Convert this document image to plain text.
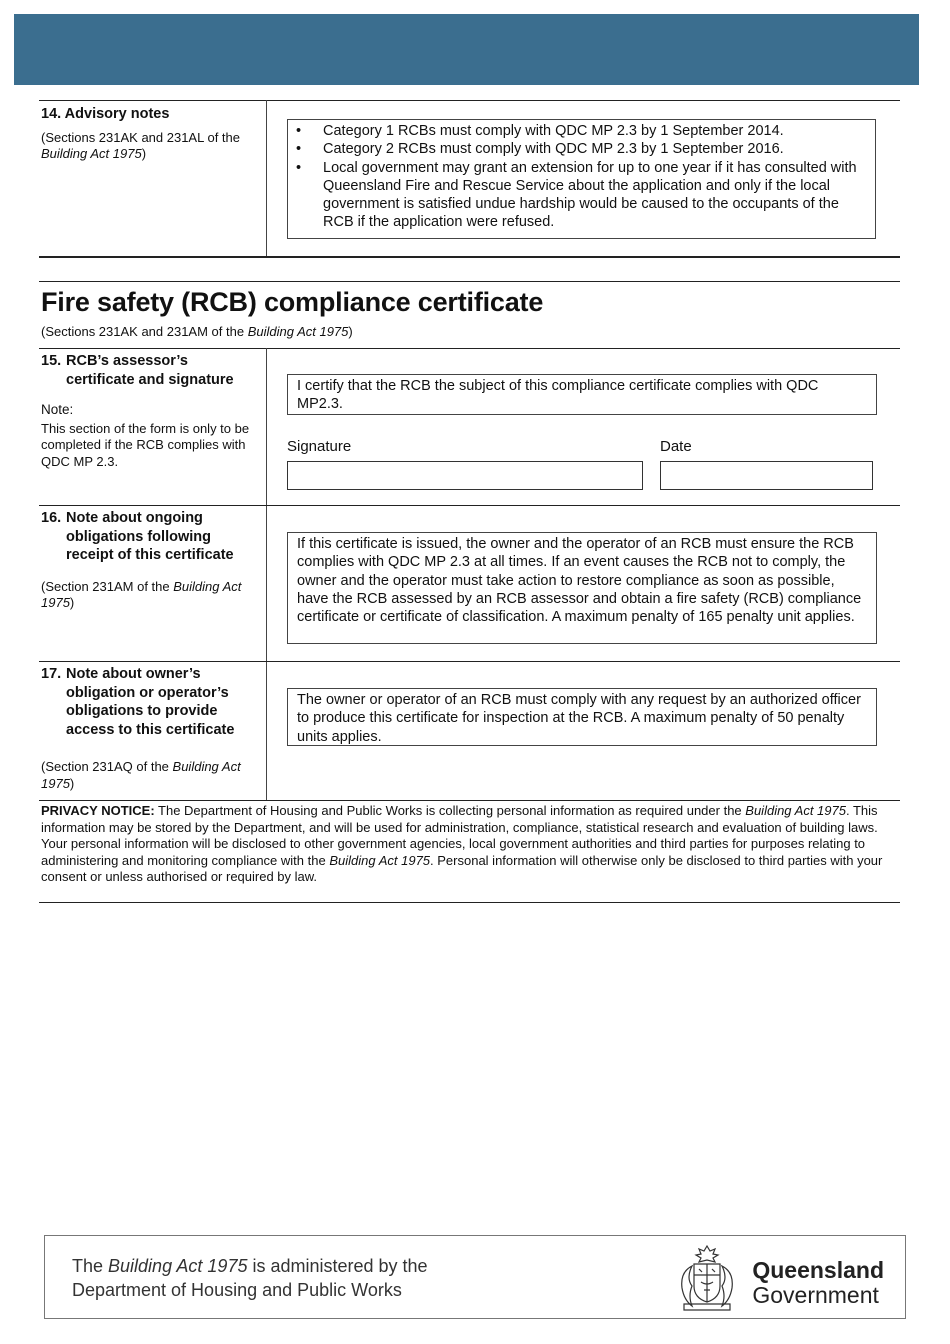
14. Advisory notes
(Sections 231AK and 231AL of the Building Act 1975)
• Category 1 RCBs must comply with QDC MP 2.3 by 1 September 2014.
• Category 2 RCBs must comply with QDC MP 2.3 by 1 September 2016.
• Local government may grant an extension for up to one year if it has consulted with Queensland Fire and Rescue Service about the application and only if the local government is satisfied undue hardship would be caused to the occupants of the RCB if the application were refused.
Fire safety (RCB) compliance certificate
(Sections 231AK and 231AM of the Building Act 1975)
15. RCB’s assessor’s
certificate and signature
Note:
This section of the form is only to be completed if the RCB complies with QDC MP 2.3.
I certify that the RCB the subject of this compliance certificate complies with QDC MP2.3.
Signature	Date
16. Note about ongoing
obligations following
receipt of this certificate
(Section 231AM of the Building Act 1975)
If this certificate is issued, the owner and the operator of an RCB must ensure the RCB complies with QDC MP 2.3 at all times. If an event causes the RCB not to comply, the owner and the operator must take action to restore compliance as soon as possible, have the RCB assessed by an RCB assessor and obtain a fire safety (RCB) compliance certificate or certificate of classification. A maximum penalty of 165 penalty unit applies.
17. Note about owner’s
obligation or operator’s
obligations to provide
access to this certificate
(Section 231AQ of the Building Act 1975)
The owner or operator of an RCB must comply with any request by an authorized officer to produce this certificate for inspection at the RCB. A maximum penalty of 50 penalty units applies.
PRIVACY NOTICE: The Department of Housing and Public Works is collecting personal information as required under the Building Act 1975. This information may be stored by the Department, and will be used for administration, compliance, statistical research and evaluation of building laws. Your personal information will be disclosed to other government agencies, local government authorities and third parties for purposes relating to administering and monitoring compliance with the Building Act 1975. Personal information will otherwise only be disclosed to third parties with your consent or unless authorised or required by law.
The Building Act 1975 is administered by the
Department of Housing and Public Works
Queensland
Government
